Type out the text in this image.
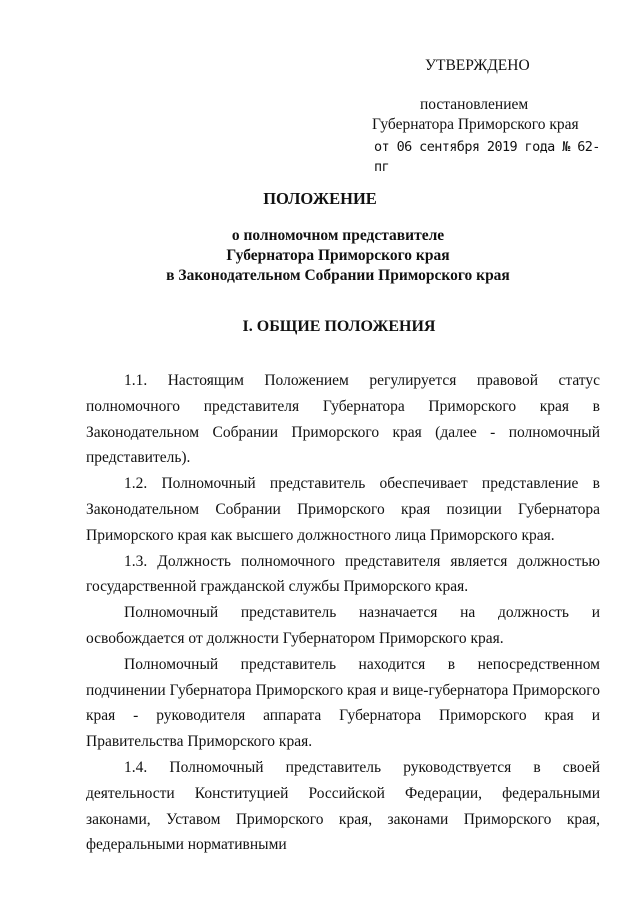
УТВЕРЖДЕНО
постановлением
Губернатора Приморского края
от 06 сентября 2019 года № 62-пг
ПОЛОЖЕНИЕ
о полномочном представителе
Губернатора Приморского края
в Законодательном Собрании Приморского края
I. ОБЩИЕ ПОЛОЖЕНИЯ

1.1. Настоящим Положением регулируется правовой статус полномочного представителя Губернатора Приморского края в Законодательном Собрании Приморского края (далее - полномочный представитель).

1.2. Полномочный представитель обеспечивает представление в Законодательном Собрании Приморского края позиции Губернатора Приморского края как высшего должностного лица Приморского края.

1.3. Должность полномочного представителя является должностью государственной гражданской службы Приморского края.

Полномочный представитель назначается на должность и освобождается от должности Губернатором Приморского края.

Полномочный представитель находится в непосредственном подчинении Губернатора Приморского края и вице-губернатора Приморского края - руководителя аппарата Губернатора Приморского края и Правительства Приморского края.

1.4. Полномочный представитель руководствуется в своей деятельности Конституцией Российской Федерации, федеральными законами, Уставом Приморского края, законами Приморского края, федеральными нормативными
